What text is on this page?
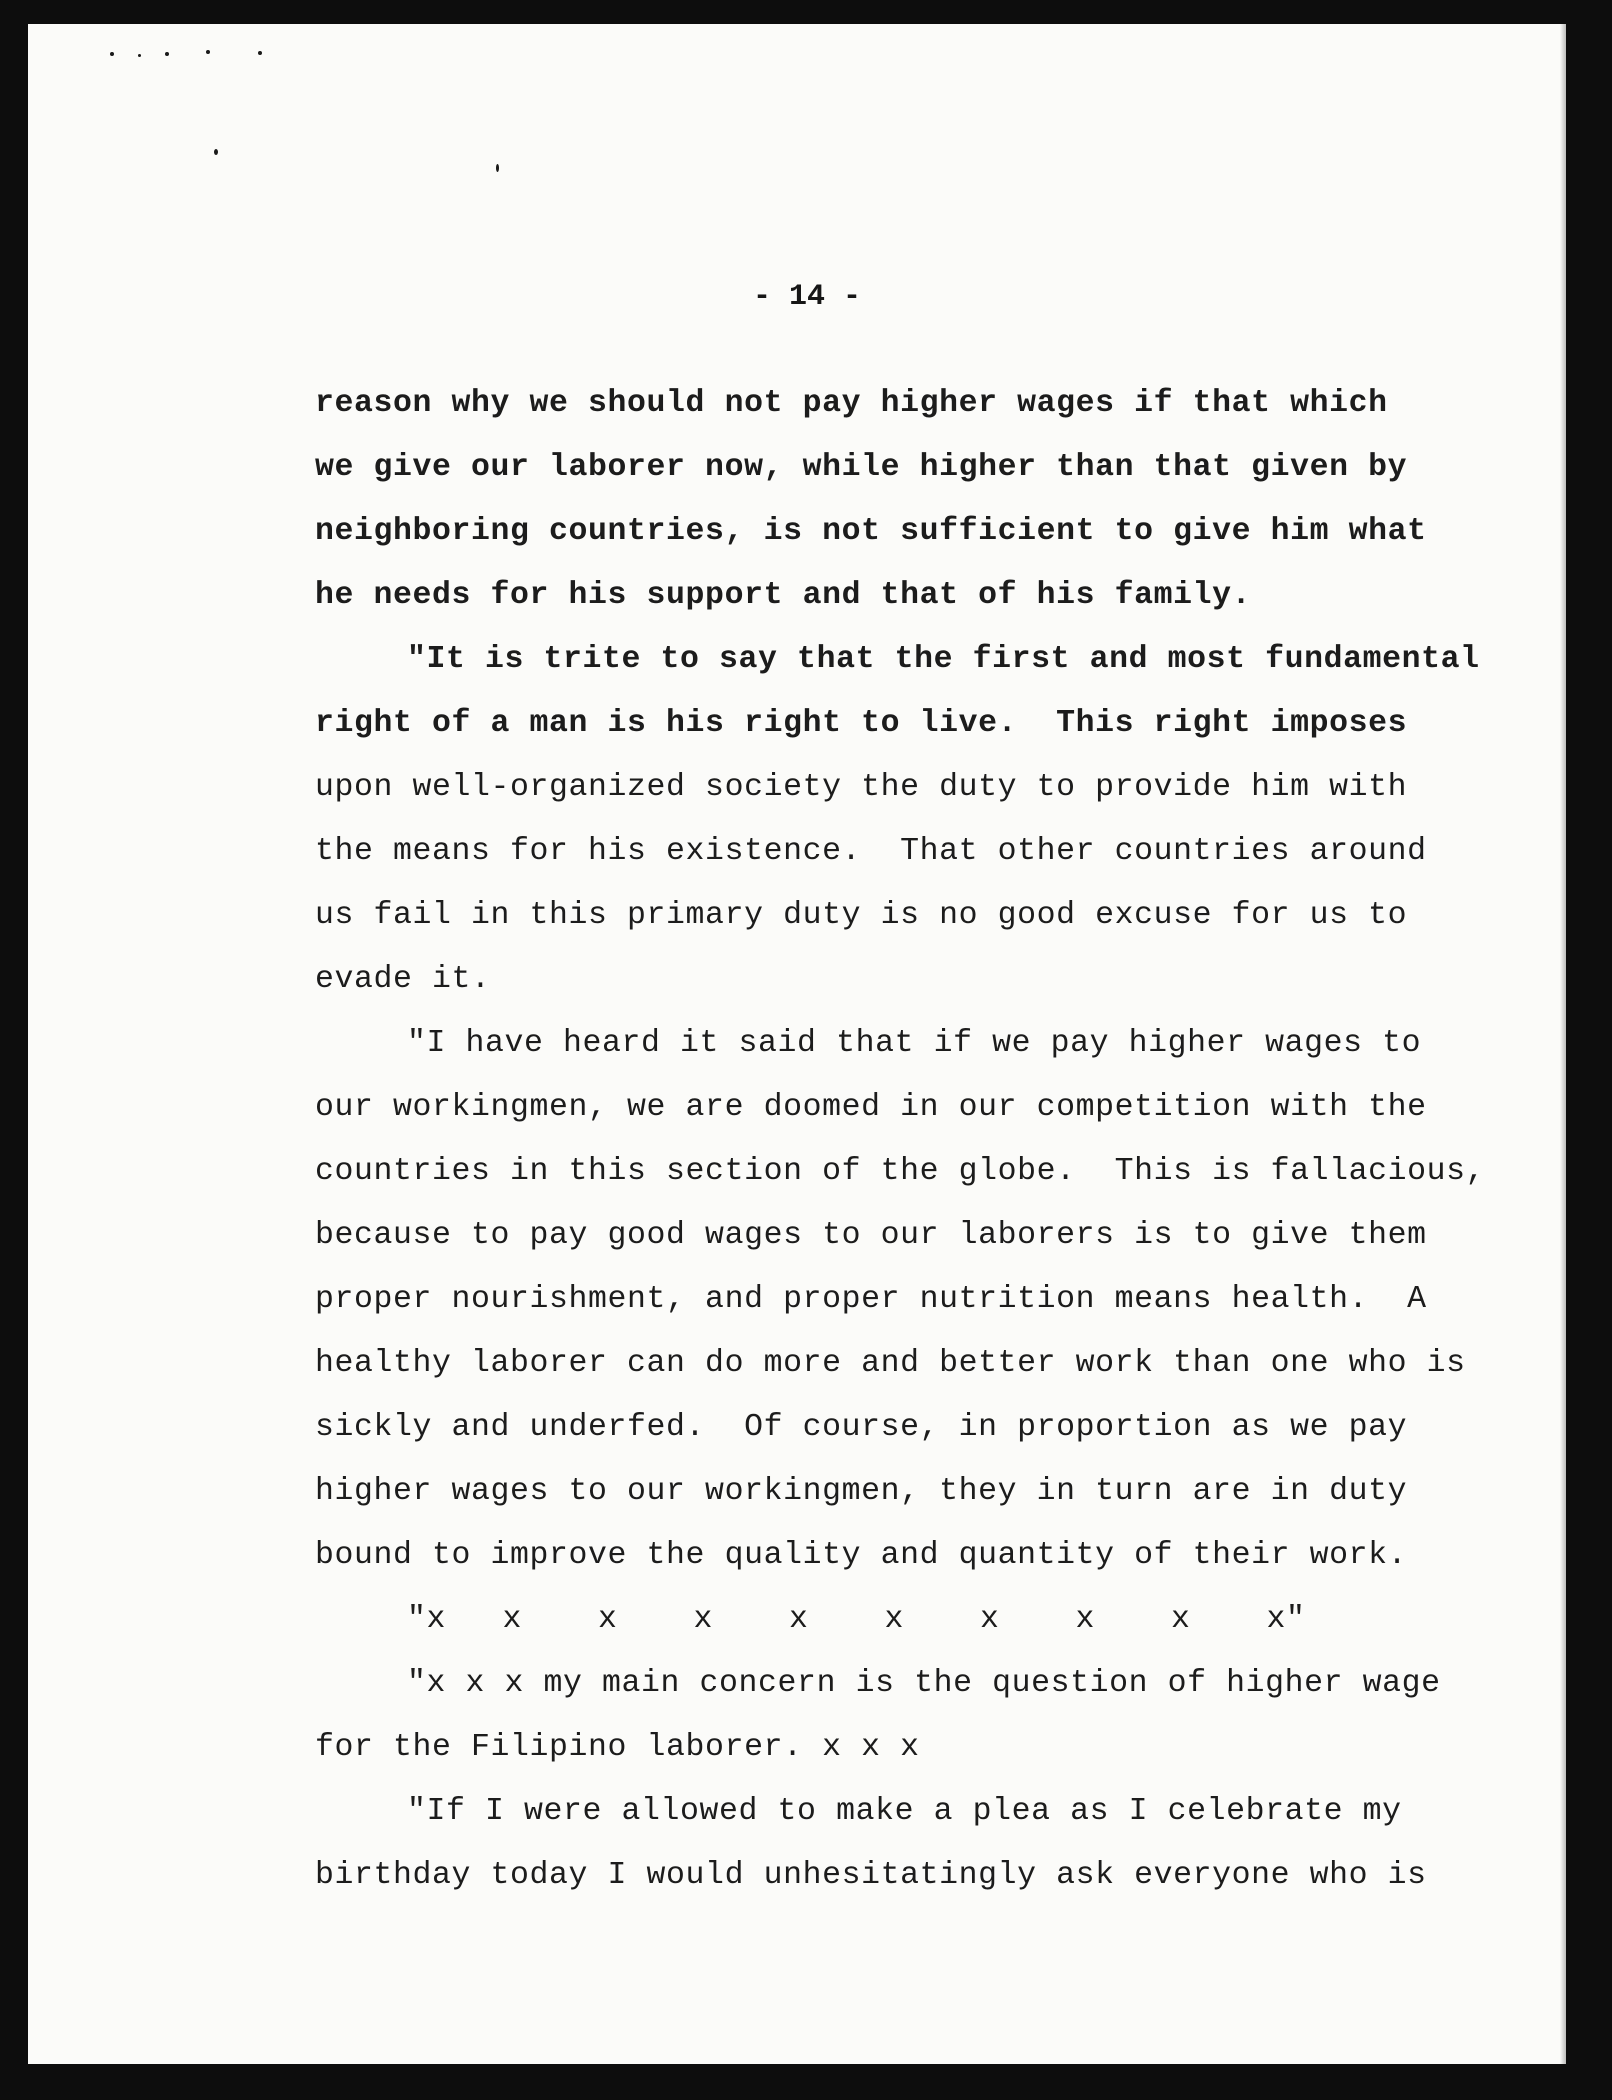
- 14 -
reason why we should not pay higher wages if that which
we give our laborer now, while higher than that given by
neighboring countries, is not sufficient to give him what
he needs for his support and that of his family.
"It is trite to say that the first and most fundamental
right of a man is his right to live.  This right imposes
upon well-organized society the duty to provide him with
the means for his existence.  That other countries around
us fail in this primary duty is no good excuse for us to
evade it.
"I have heard it said that if we pay higher wages to
our workingmen, we are doomed in our competition with the
countries in this section of the globe.  This is fallacious,
because to pay good wages to our laborers is to give them
proper nourishment, and proper nutrition means health.  A
healthy laborer can do more and better work than one who is
sickly and underfed.  Of course, in proportion as we pay
higher wages to our workingmen, they in turn are in duty
bound to improve the quality and quantity of their work.
"x x x x x x x x x x"
"x x x my main concern is the question of higher wage
for the Filipino laborer. x x x
"If I were allowed to make a plea as I celebrate my
birthday today I would unhesitatingly ask everyone who is
